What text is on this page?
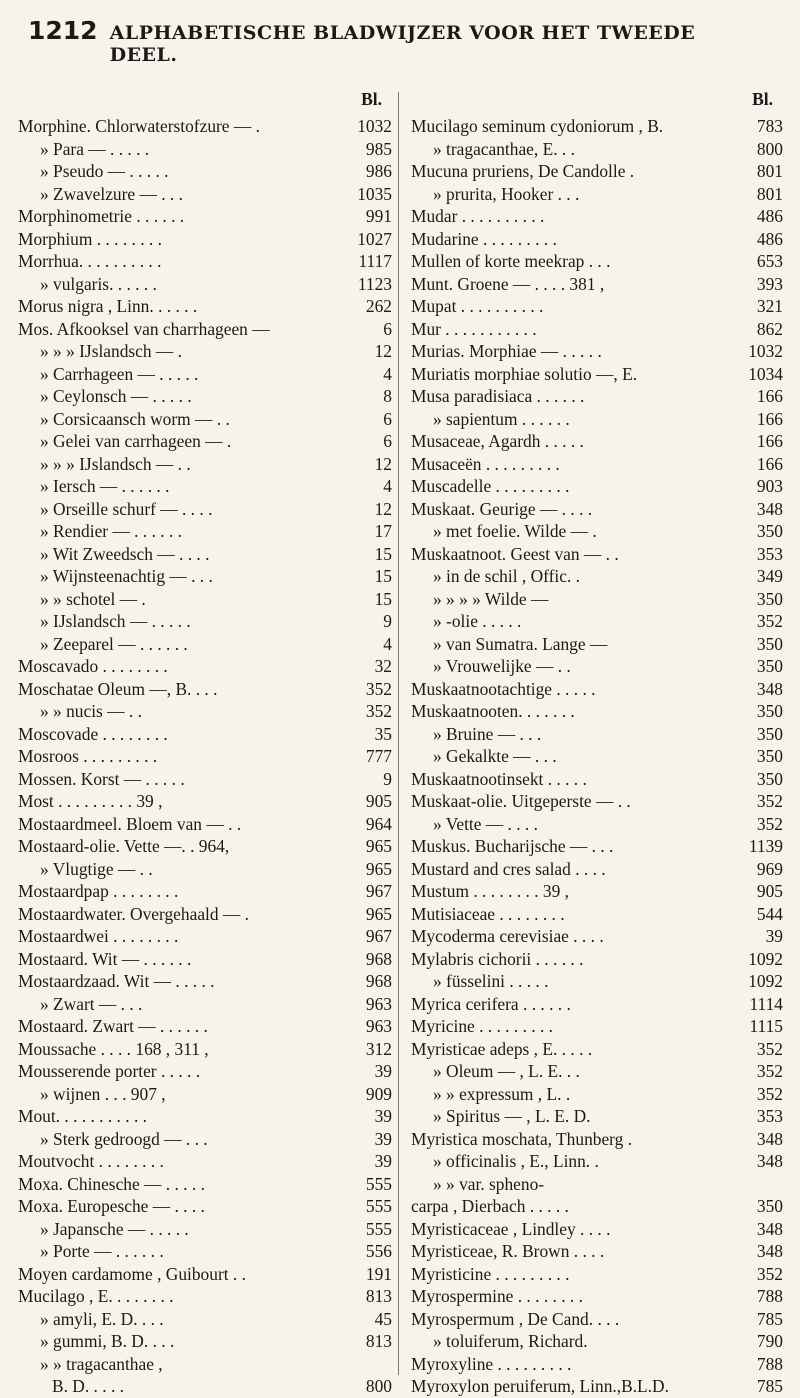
1212 ALPHABETISCHE BLADWIJZER VOOR HET TWEEDE DEEL.
Bl.
Morphine. Chlorwaterstofzure — .	1032
» Para — . . . . .	985
» Pseudo — . . . . .	986
» Zwavelzure — . . .	1035
Morphinometrie . . . . . .	991
Morphium . . . . . . . .	1027
Morrhua. . . . . . . . . .	1117
» vulgaris. . . . . .	1123
Morus nigra , Linn. . . . . .	262
Mos. Afkooksel van charrhageen —	6
» » » IJslandsch — .	12
» Carrhageen — . . . . .	4
» Ceylonsch — . . . . .	8
» Corsicaansch worm — . .	6
» Gelei van carrhageen — .	6
» » » IJslandsch — . .	12
» Iersch — . . . . . .	4
» Orseille schurf — . . . .	12
» Rendier — . . . . . .	17
» Wit Zweedsch — . . . .	15
» Wijnsteenachtig — . . .	15
» » schotel — .	15
» IJslandsch — . . . . .	9
» Zeeparel — . . . . . .	4
Moscavado . . . . . . . .	32
Moschatae Oleum —, B. . . .	352
» » nucis — . .	352
Moscovade . . . . . . . .	35
Mosroos . . . . . . . . .	777
Mossen. Korst — . . . . .	9
Most . . . . . . . . . 39 ,	905
Mostaardmeel. Bloem van — . .	964
Mostaard-olie. Vette —. . 964,	965
» Vlugtige — . .	965
Mostaardpap . . . . . . . .	967
Mostaardwater. Overgehaald — .	965
Mostaardwei . . . . . . . .	967
Mostaard. Wit — . . . . . .	968
Mostaardzaad. Wit — . . . . .	968
» Zwart — . . .	963
Mostaard. Zwart — . . . . . .	963
Moussache . . . . 168 , 311 ,	312
Mousserende porter . . . . .	39
» wijnen . . . 907 ,	909
Mout. . . . . . . . . . .	39
» Sterk gedroogd — . . .	39
Moutvocht . . . . . . . .	39
Moxa. Chinesche — . . . . .	555
Moxa. Europesche — . . . .	555
» Japansche — . . . . .	555
» Porte — . . . . . .	556
Moyen cardamome , Guibourt . .	191
Mucilago , E. . . . . . . .	813
» amyli, E. D. . . .	45
» gummi, B. D. . . .	813
» » tragacanthae ,
B. D. . . . .	800
Bl.
Mucilago seminum cydoniorum , B.	783
» tragacanthae, E. . .	800
Mucuna pruriens, De Candolle .	801
» prurita, Hooker . . .	801
Mudar . . . . . . . . . .	486
Mudarine . . . . . . . . .	486
Mullen of korte meekrap . . .	653
Munt. Groene — . . . . 381 ,	393
Mupat . . . . . . . . . .	321
Mur . . . . . . . . . . .	862
Murias. Morphiae — . . . . .	1032
Muriatis morphiae solutio —, E.	1034
Musa paradisiaca . . . . . .	166
» sapientum . . . . . .	166
Musaceae, Agardh . . . . .	166
Musaceën . . . . . . . . .	166
Muscadelle . . . . . . . . .	903
Muskaat. Geurige — . . . .	348
» met foelie. Wilde — .	350
Muskaatnoot. Geest van — . .	353
» in de schil , Offic. .	349
» » » » Wilde —	350
» -olie . . . . .	352
» van Sumatra. Lange —	350
» Vrouwelijke — . .	350
Muskaatnootachtige . . . . .	348
Muskaatnooten. . . . . . .	350
» Bruine — . . .	350
» Gekalkte — . . .	350
Muskaatnootinsekt . . . . .	350
Muskaat-olie. Uitgeperste — . .	352
» Vette — . . . .	352
Muskus. Bucharijsche — . . .	1139
Mustard and cres salad . . . .	969
Mustum . . . . . . . . 39 ,	905
Mutisiaceae . . . . . . . .	544
Mycoderma cerevisiae . . . .	39
Mylabris cichorii . . . . . .	1092
» füsselini . . . . .	1092
Myrica cerifera . . . . . .	1114
Myricine . . . . . . . . .	1115
Myristicae adeps , E. . . . .	352
» Oleum — , L. E. . .	352
» » expressum , L. .	352
» Spiritus — , L. E. D.	353
Myristica moschata, Thunberg .	348
» officinalis , E., Linn. .	348
» » var. spheno-
carpa , Dierbach . . . . .	350
Myristicaceae , Lindley . . . .	348
Myristiceae, R. Brown . . . .	348
Myristicine . . . . . . . . .	352
Myrospermine . . . . . . . .	788
Myrospermum , De Cand. . . .	785
» toluiferum, Richard.	790
Myroxyline . . . . . . . . .	788
Myroxylon peruiferum, Linn.,B.L.D.	785
